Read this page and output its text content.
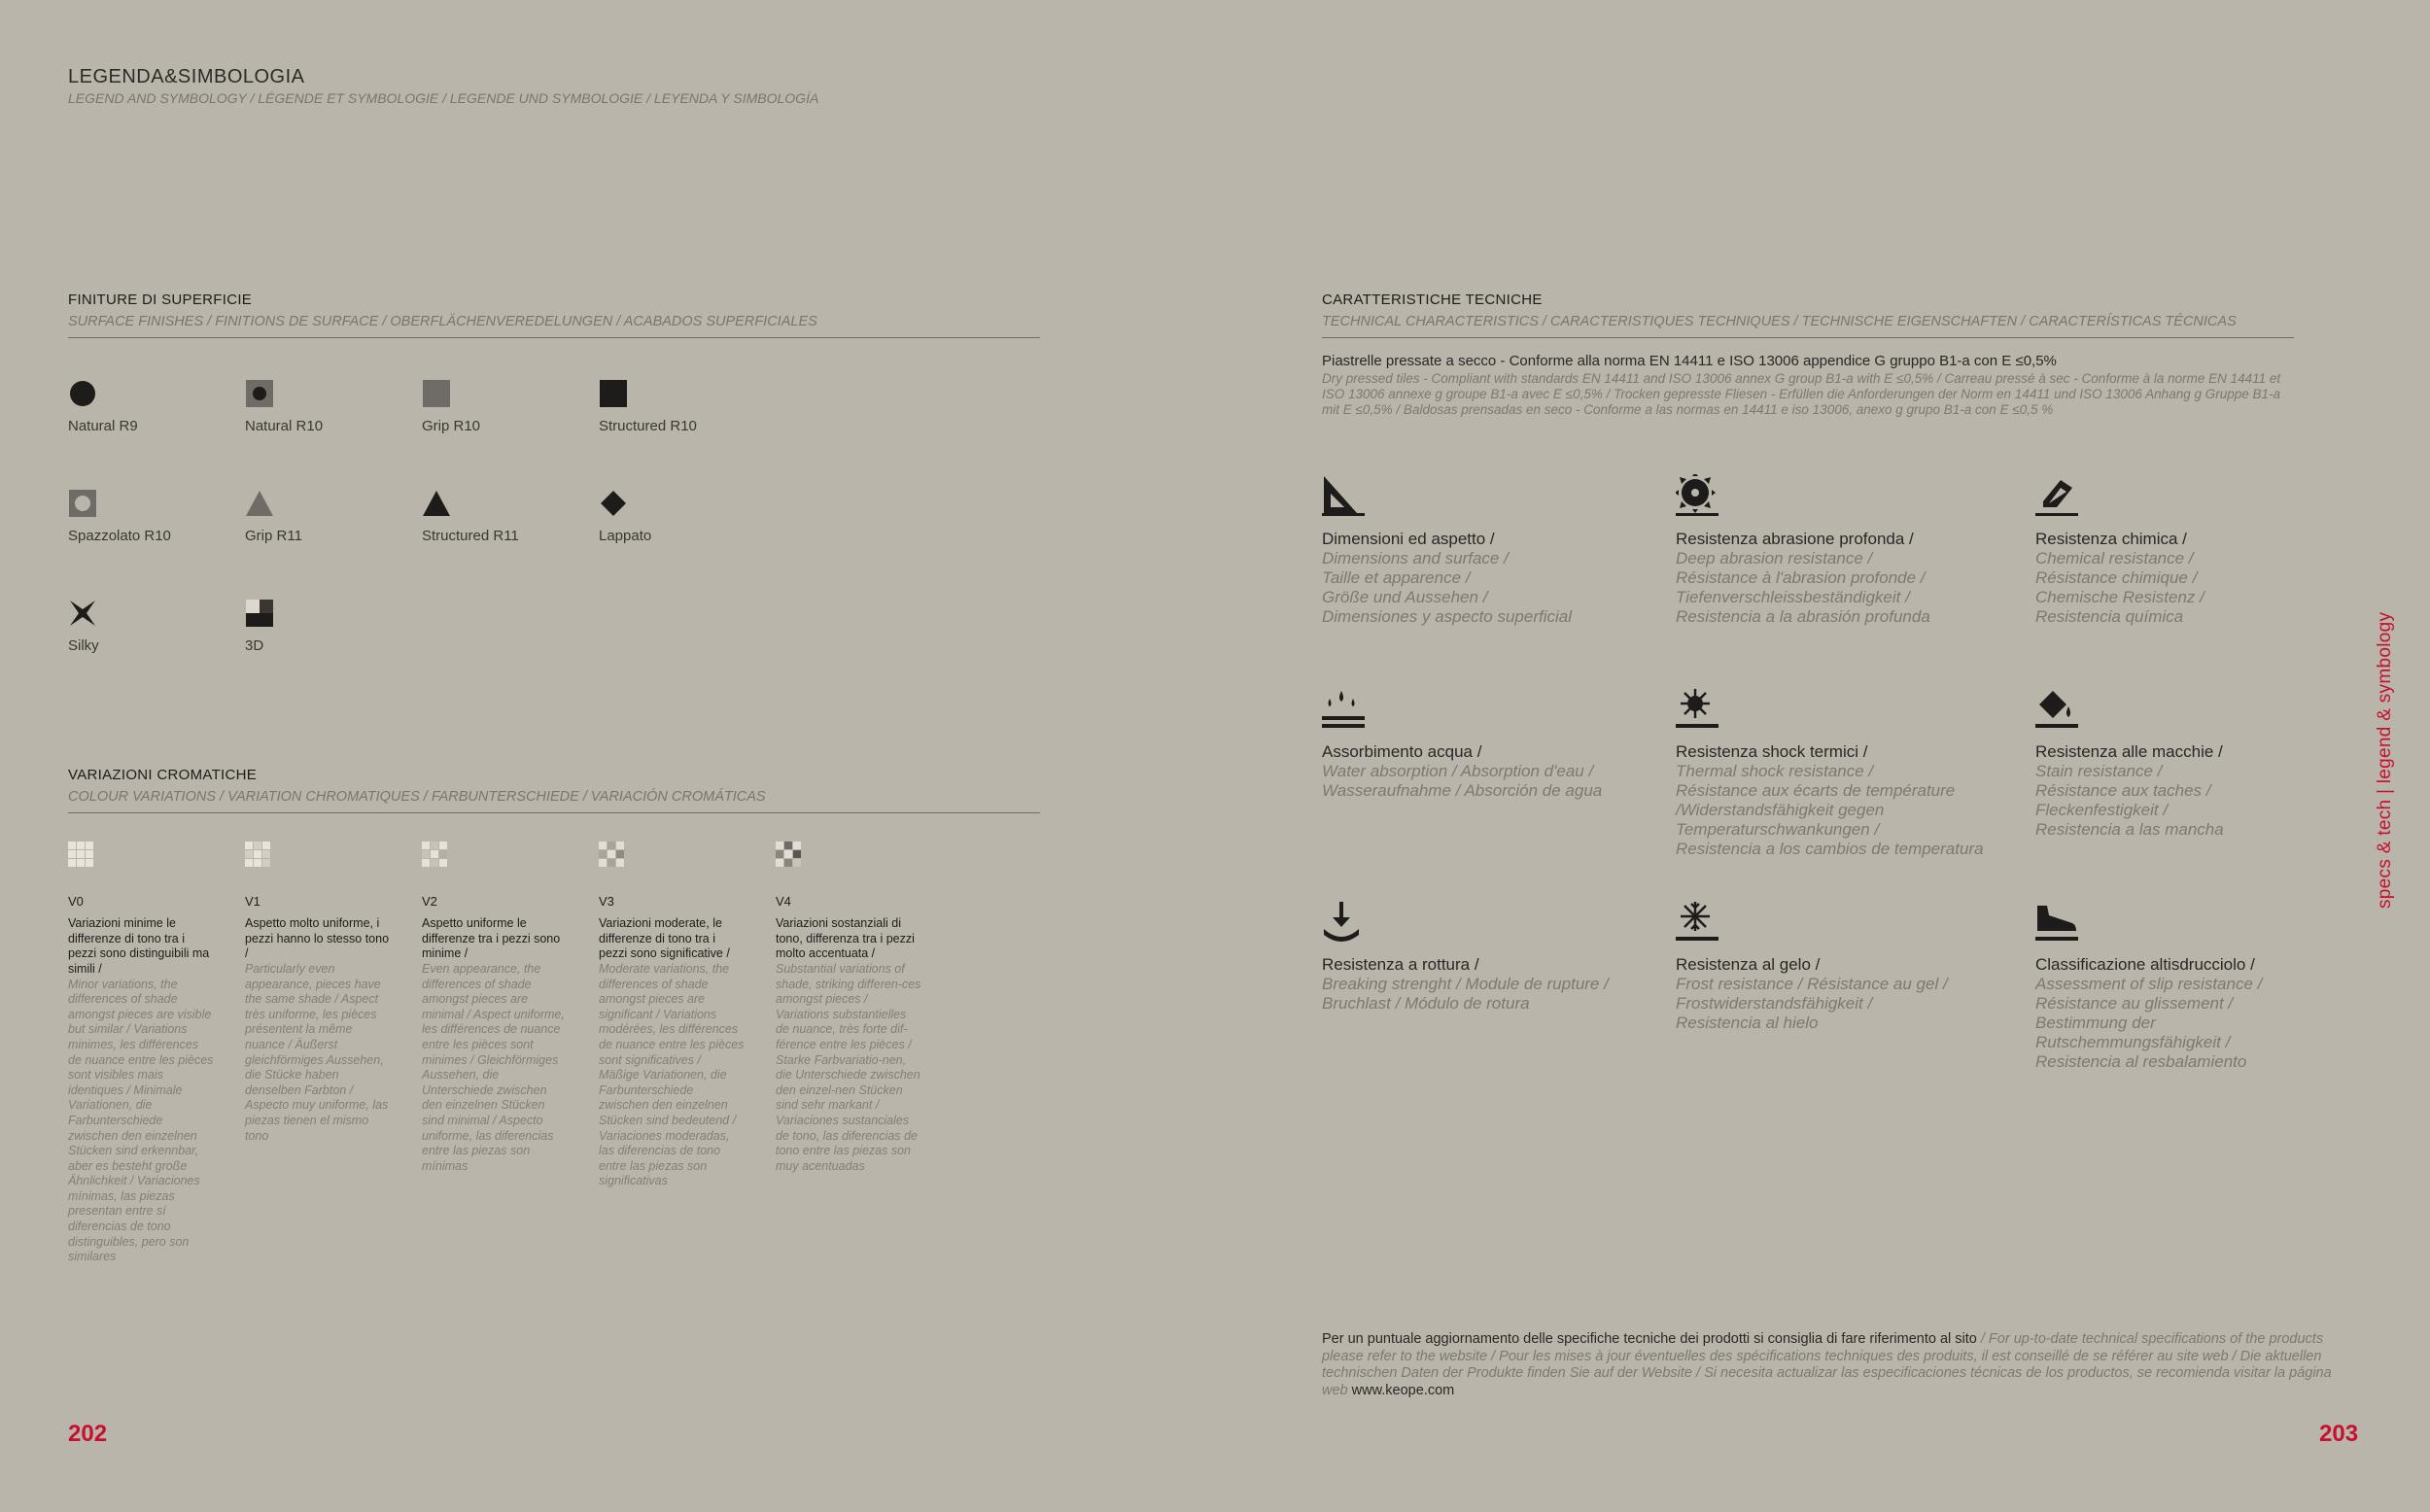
LEGENDA&SIMBOLOGIA
LEGEND AND SYMBOLOGY / LÉGENDE ET SYMBOLOGIE / LEGENDE UND SYMBOLOGIE / LEYENDA Y SIMBOLOGÍA
FINITURE DI SUPERFICIE
SURFACE FINISHES / FINITIONS DE SURFACE / OBERFLÄCHENVEREDELUNGEN / ACABADOS SUPERFICIALES
Natural R9	Natural R10	Grip R10	Structured R10
Spazzolato R10	Grip R11	Structured R11	Lappato
Silky	3D
VARIAZIONI CROMATICHE
COLOUR VARIATIONS / VARIATION CHROMATIQUES / FARBUNTERSCHIEDE / VARIACIÓN CROMÁTICAS
V0
Variazioni minime le differenze di tono tra i pezzi sono distinguibili ma simili /
Minor variations, the differences of shade amongst pieces are visible but similar / Variations minimes, les différences de nuance entre les pièces sont visibles mais identiques / Minimale Variationen, die Farbunterschiede zwischen den einzelnen Stücken sind erkennbar, aber es besteht große Ähnlichkeit / Variaciones mínimas, las piezas presentan entre sí diferencias de tono distinguibles, pero son similares
V1
Aspetto molto uniforme, i pezzi hanno lo stesso tono /
Particularly even appearance, pieces have the same shade / Aspect très uniforme, les pièces présentent la même nuance / Äußerst gleichförmiges Aussehen, die Stücke haben denselben Farbton / Aspecto muy uniforme, las piezas tienen el mismo tono
V2
Aspetto uniforme le differenze tra i pezzi sono minime /
Even appearance, the differences of shade amongst pieces are minimal / Aspect uniforme, les différences de nuance entre les pièces sont minimes / Gleichförmiges Aussehen, die Unterschiede zwischen den einzelnen Stücken sind minimal / Aspecto uniforme, las diferencias entre las piezas son mínimas
V3
Variazioni moderate, le differenze di tono tra i pezzi sono significative /
Moderate variations, the differences of shade amongst pieces are significant / Variations modérées, les différences de nuance entre les pièces sont significatives / Mäßige Variationen, die Farbunterschiede zwischen den einzelnen Stücken sind bedeutend / Variaciones moderadas, las diferencias de tono entre las piezas son significativas
V4
Variazioni sostanziali di tono, differenza tra i pezzi molto accentuata /
Substantial variations of shade, striking differen-ces amongst pieces / Variations substantielles de nuance, très forte dif-férence entre les pièces / Starke Farbvariatio-nen, die Unterschiede zwischen den einzel-nen Stücken sind sehr markant / Variaciones sustanciales de tono, las diferencias de tono entre las piezas son muy acentuadas
CARATTERISTICHE TECNICHE
TECHNICAL CHARACTERISTICS / CARACTERISTIQUES TECHNIQUES / TECHNISCHE EIGENSCHAFTEN / CARACTERÍSTICAS TÉCNICAS
Piastrelle pressate a secco - Conforme alla norma EN 14411 e ISO 13006 appendice G gruppo B1-a con E ≤0,5%
Dry pressed tiles - Compliant with standards EN 14411 and ISO 13006 annex G group B1-a with E ≤0,5% / Carreau pressé à sec - Conforme à la norme EN 14411 et ISO 13006 annexe g groupe B1-a avec E ≤0,5% / Trocken gepresste Fliesen - Erfüllen die Anforderungen der Norm en 14411 und ISO 13006 Anhang g Gruppe B1-a mit E ≤0,5% / Baldosas prensadas en seco - Conforme a las normas en 14411 e iso 13006, anexo g grupo B1-a con E ≤0,5 %
Dimensioni ed aspetto /
Dimensions and surface /
Taille et apparence /
Größe und Aussehen /
Dimensiones y aspecto superficial
Resistenza abrasione profonda /
Deep abrasion resistance /
Résistance à l'abrasion profonde /
Tiefenverschleissbeständigkeit /
Resistencia a la abrasión profunda
Resistenza chimica /
Chemical resistance /
Résistance chimique /
Chemische Resistenz /
Resistencia química
Assorbimento acqua /
Water absorption / Absorption d'eau /
Wasseraufnahme / Absorción de agua
Resistenza shock termici /
Thermal shock resistance /
Résistance aux écarts de température
/Widerstandsfähigkeit gegen
Temperaturschwankungen /
Resistencia a los cambios de temperatura
Resistenza alle macchie /
Stain resistance /
Résistance aux taches /
Fleckenfestigkeit /
Resistencia a las mancha
Resistenza a rottura /
Breaking strenght / Module de rupture /
Bruchlast / Módulo de rotura
Resistenza al gelo /
Frost resistance / Résistance au gel /
Frostwiderstandsfähigkeit /
Resistencia al hielo
Classificazione altisdrucciolo /
Assessment of slip resistance /
Résistance au glissement /
Bestimmung der
Rutschemmungsfähigkeit /
Resistencia al resbalamiento
Per un puntuale aggiornamento delle specifiche tecniche dei prodotti si consiglia di fare riferimento al sito / For up-to-date technical specifications of the products please refer to the website / Pour les mises à jour éventuelles des spécifications techniques des produits, il est conseillé de se référer au site web / Die aktuellen technischen Daten der Produkte finden Sie auf der Website / Si necesita actualizar las especificaciones técnicas de los productos, se recomienda visitar la página web www.keope.com
202	203
specs & tech | legend & symbology
